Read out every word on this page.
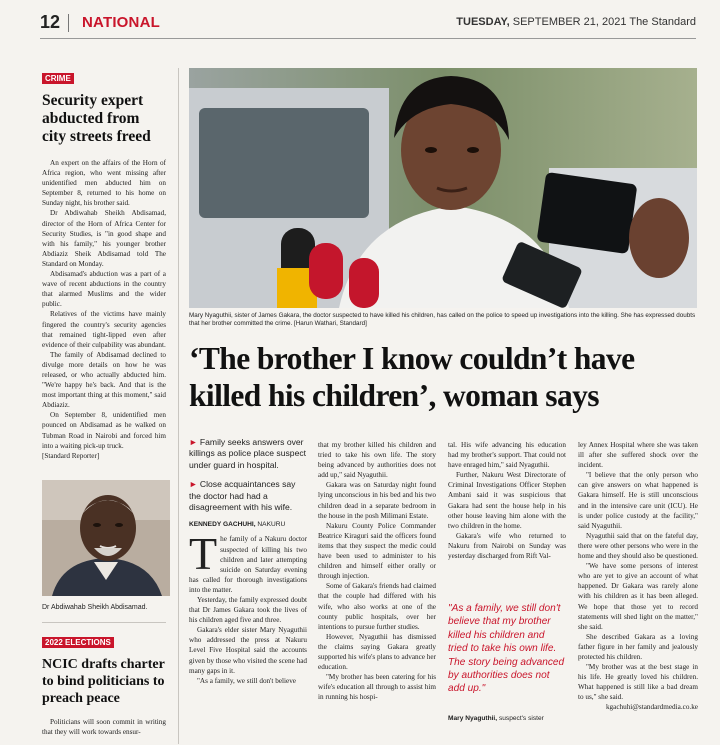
12 NATIONAL	TUESDAY, SEPTEMBER 21, 2021 The Standard
CRIME
Security expert abducted from city streets freed

An expert on the affairs of the Horn of Africa region, who went missing after unidentified men abducted him on September 8, returned to his home on Sunday night, his brother said.

Dr Abdiwahab Sheikh Abdisamad, director of the Horn of Africa Center for Security Studies, is "in good shape and with his family," his younger brother Abdiaziz Sheik Abdisamad told The Standard on Monday.

Abdisamad's abduction was a part of a wave of recent abductions in the country that alarmed Muslims and the wider public.

Relatives of the victims have mainly fingered the country's security agencies that remained tight-lipped even after evidence of their culpability was abundant.

The family of Abdisamad declined to divulge more details on how he was released, or who actually abducted him. "We're happy he's back. And that is the most important thing at this moment," said Abdiaziz.

On September 8, unidentified men pounced on Abdisamad as he walked on Tubman Road in Nairobi and forced him into a waiting pick-up truck.

[Standard Reporter]

Dr Abdiwahab Sheikh Abdisamad.
2022 ELECTIONS
NCIC drafts charter to bind politicians to preach peace

Politicians will soon commit in writing that they will work towards ensur-

Mary Nyaguthii, sister of James Gakara, the doctor suspected to have killed his children, has called on the police to speed up investigations into the killing. She has expressed doubts that her brother committed the crime. [Harun Wathari, Standard]
‘The brother I know couldn’t have killed his children’, woman says

► Family seeks answers over killings as police place suspect under guard in hospital.

► Close acquaintances say the doctor had had a disagreement with his wife.

KENNEDY GACHUHI, NAKURU

T he family of a Nakuru doctor suspected of killing his two children and later attempting suicide on Saturday evening has called for thorough investigations into the matter.

Yesterday, the family expressed doubt that Dr James Gakara took the lives of his children aged five and three.

Gakara's elder sister Mary Nyaguthii who addressed the press at Nakuru Level Five Hospital said the accounts given by those who visited the scene had many gaps in it.

"As a family, we still don't believe

that my brother killed his children and tried to take his own life. The story being advanced by authorities does not add up," said Nyaguthii.

Gakara was on Saturday night found lying unconscious in his bed and his two children dead in a separate bedroom in the house in the posh Milimani Estate.

Nakuru County Police Commander Beatrice Kiraguri said the officers found items that they suspect the medic could have been used to administer to his children and himself either orally or through injection.

Some of Gakara's friends had claimed that the couple had differed with his wife, who also works at one of the county public hospitals, over her intentions to pursue further studies.

However, Nyaguthii has dismissed the claims saying Gakara greatly supported his wife's plans to advance her education.

"My brother has been catering for his wife's education all through to assist him in running his hospi-

tal. His wife advancing his education had my brother's support. That could not have enraged him," said Nyaguthii.

Further, Nakuru West Directorate of Criminal Investigations Officer Stephen Ambani said it was suspicious that Gakara had sent the house help in his other house leaving him alone with the two children in the home.

Gakara's wife who returned to Nakuru from Nairobi on Sunday was yesterday discharged from Rift Val-

"As a family, we still don't believe that my brother killed his children and tried to take his own life. The story being advanced by authorities does not add up."
Mary Nyaguthii, suspect's sister

ley Annex Hospital where she was taken ill after she suffered shock over the incident.

"I believe that the only person who can give answers on what happened is Gakara himself. He is still unconscious and in the intensive care unit (ICU). He is under police custody at the facility," said Nyaguthii.

Nyaguthii said that on the fateful day, there were other persons who were in the home and they should also be questioned.

"We have some persons of interest who are yet to give an account of what happened. Dr Gakara was rarely alone with his children as it has been alleged. We hope that those yet to record statements will shed light on the matter," she said.

She described Gakara as a loving father figure in her family and jealously protected his children.

"My brother was at the best stage in his life. He greatly loved his children. What happened is still like a bad dream to us," she said.

kgachuhi@standardmedia.co.ke
